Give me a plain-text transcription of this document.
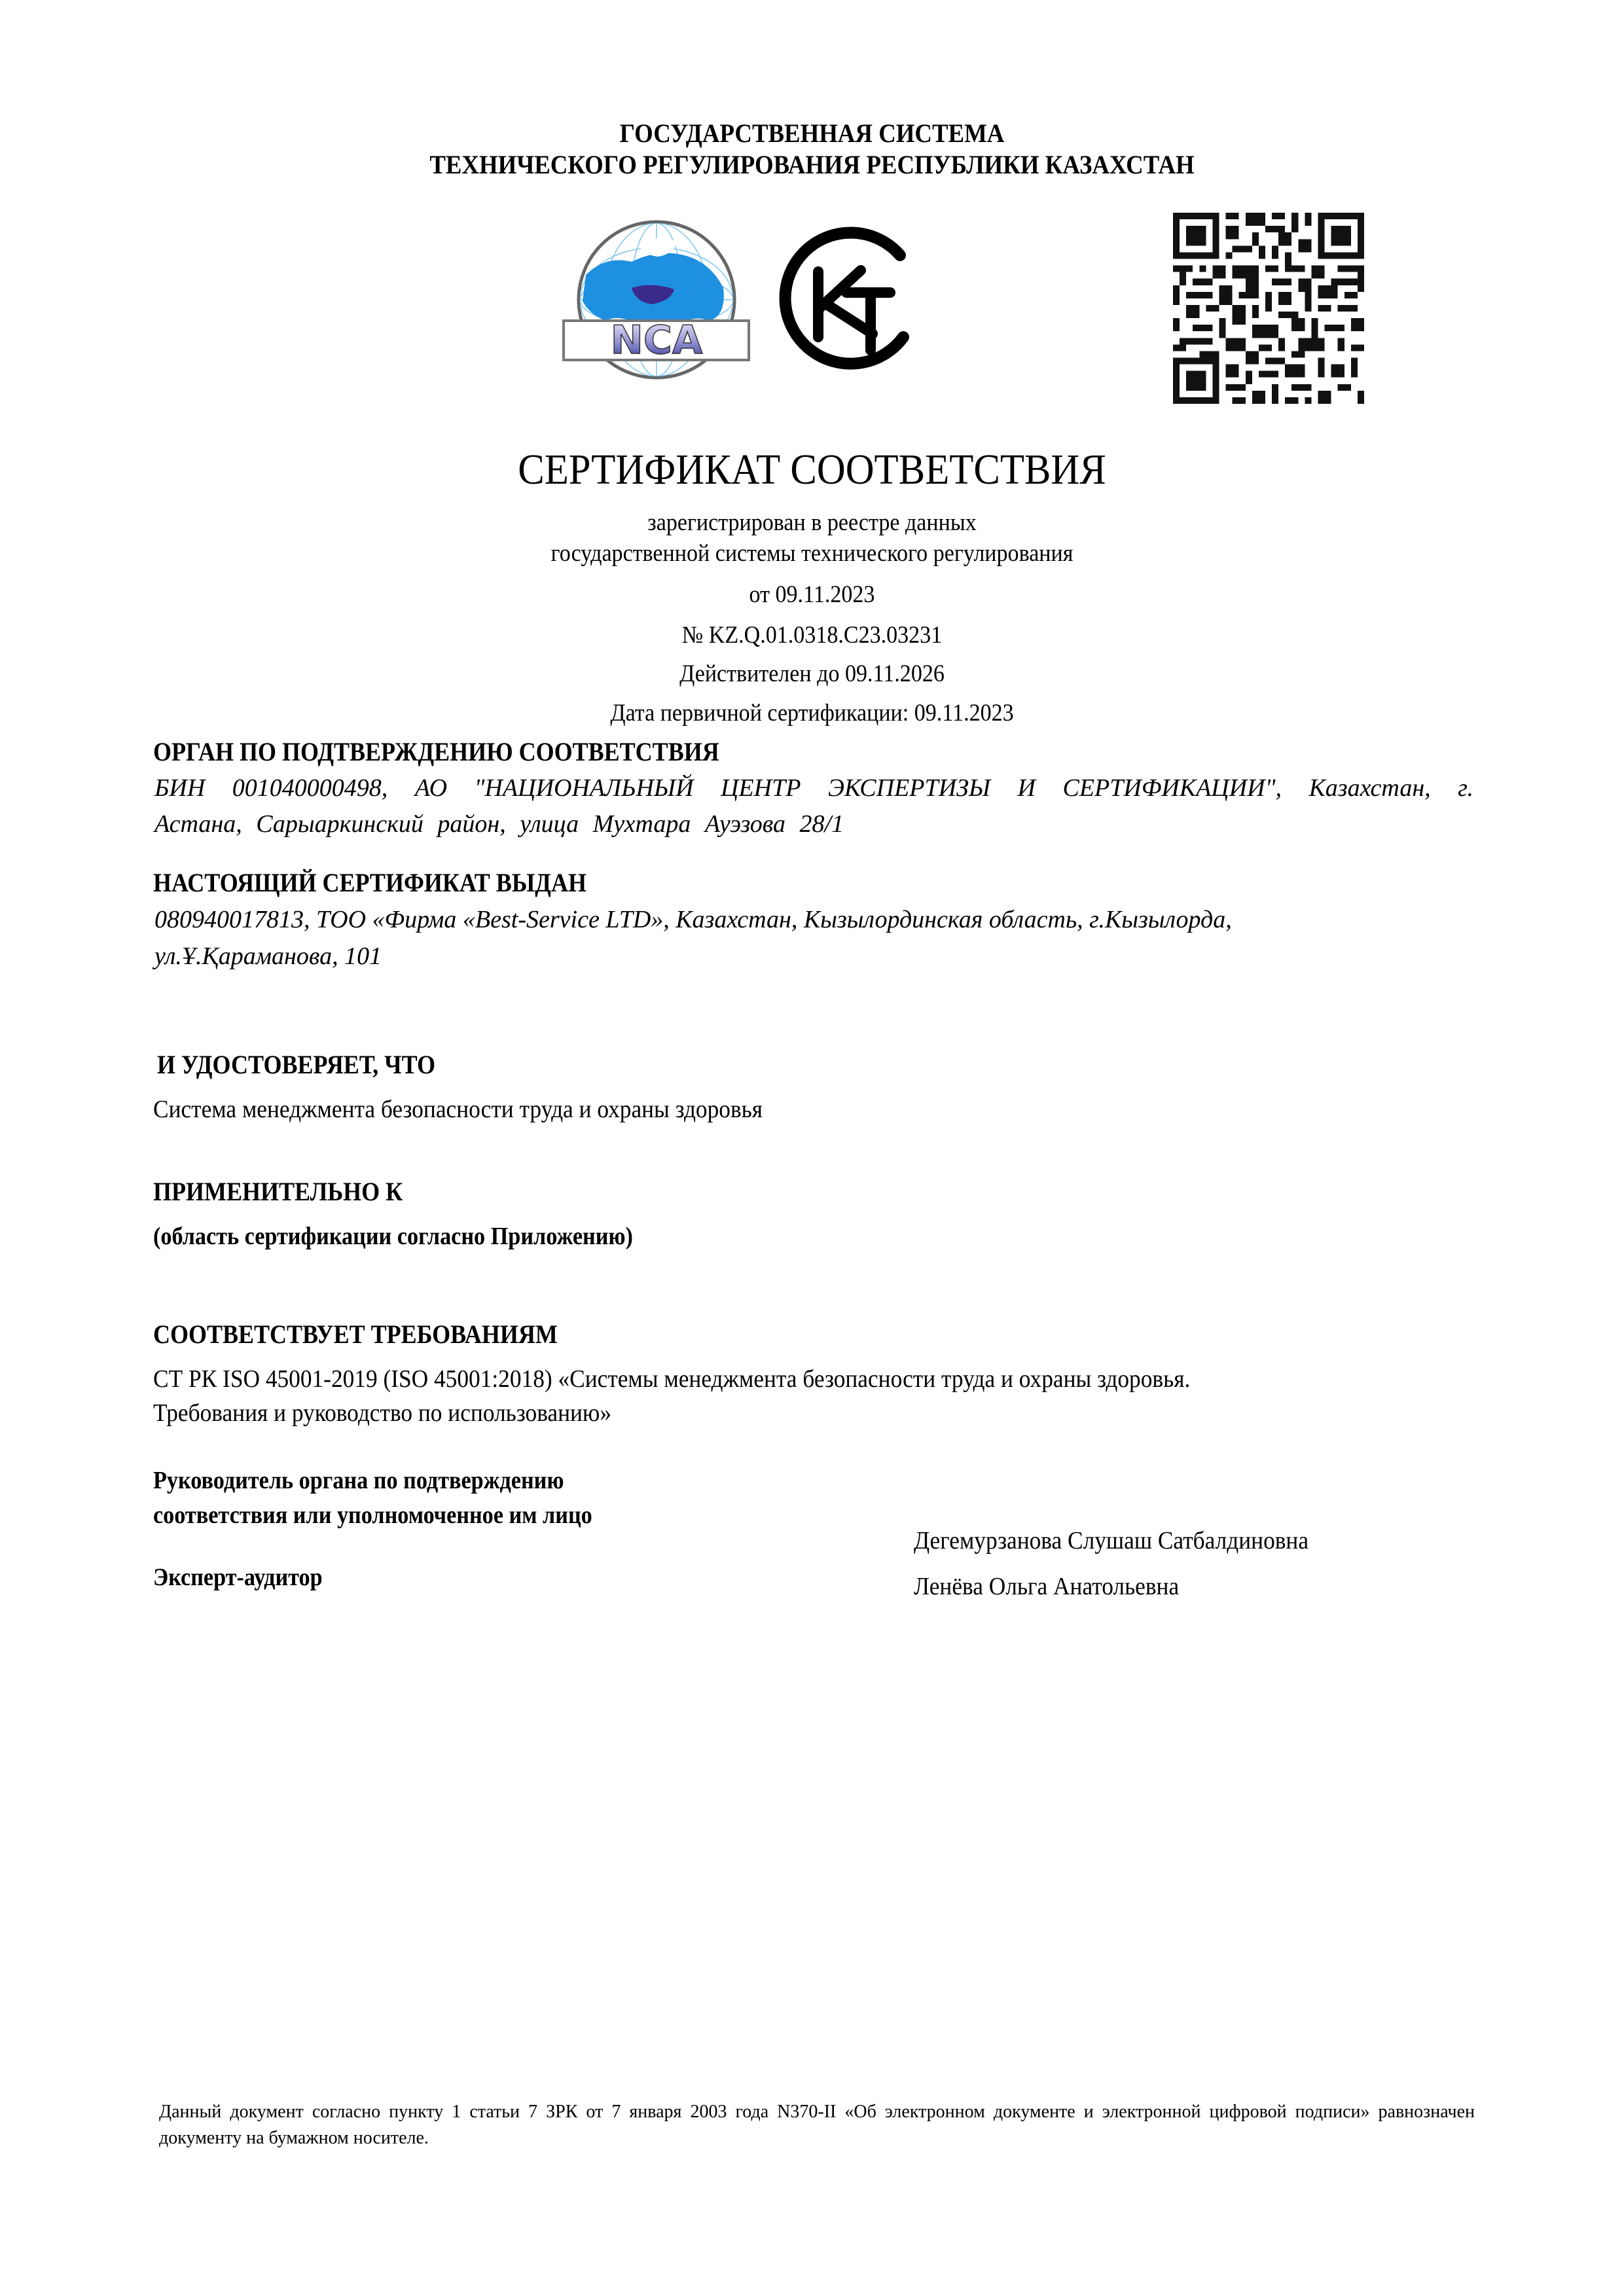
ГОСУДАРСТВЕННАЯ СИСТЕМА
ТЕХНИЧЕСКОГО РЕГУЛИРОВАНИЯ РЕСПУБЛИКИ КАЗАХСТАН
NCA
СЕРТИФИКАТ СООТВЕТСТВИЯ
зарегистрирован в реестре данных
государственной системы технического регулирования
от 09.11.2023
№ KZ.Q.01.0318.C23.03231
Действителен до 09.11.2026
Дата первичной сертификации: 09.11.2023
ОРГАН ПО ПОДТВЕРЖДЕНИЮ СООТВЕТСТВИЯ
БИН 001040000498, АО "НАЦИОНАЛЬНЫЙ ЦЕНТР ЭКСПЕРТИЗЫ И СЕРТИФИКАЦИИ", Казахстан, г.
Астана, Сарыаркинский район, улица Мухтара Ауэзова 28/1
НАСТОЯЩИЙ СЕРТИФИКАТ ВЫДАН
080940017813, ТОО «Фирма «Best-Service LTD», Казахстан, Кызылординская область, г.Кызылорда,
ул.Ұ.Қараманова, 101
И УДОСТОВЕРЯЕТ, ЧТО
Система менеджмента безопасности труда и охраны здоровья
ПРИМЕНИТЕЛЬНО К
(область сертификации согласно Приложению)
СООТВЕТСТВУЕТ ТРЕБОВАНИЯМ
СТ РК ISO 45001-2019 (ISO 45001:2018) «Системы менеджмента безопасности труда и охраны здоровья.
Требования и руководство по использованию»
Руководитель органа по подтверждению
соответствия или уполномоченное им лицо
Дегемурзанова Слушаш Сатбалдиновна
Эксперт-аудитор	Ленёва Ольга Анатольевна
Данный документ согласно пункту 1 статьи 7 ЗРК от 7 января 2003 года N370-II «Об электронном документе и электронной цифровой подписи» равнозначен документу на бумажном носителе.
